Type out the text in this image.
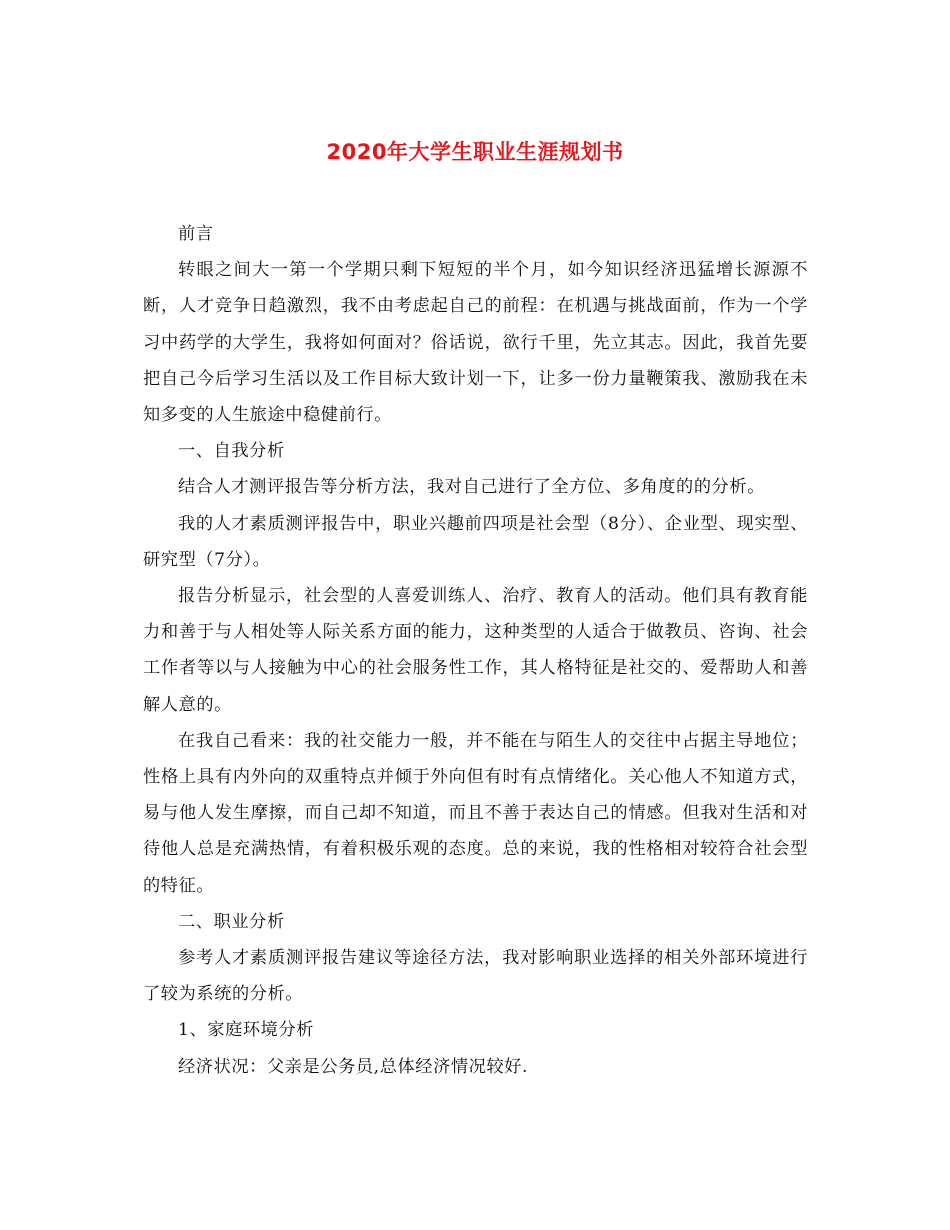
2020年大学生职业生涯规划书

前言

转眼之间大一第一个学期只剩下短短的半个月，如今知识经济迅猛增长源源不断，人才竞争日趋激烈，我不由考虑起自己的前程：在机遇与挑战面前，作为一个学习中药学的大学生，我将如何面对？俗话说，欲行千里，先立其志。因此，我首先要把自己今后学习生活以及工作目标大致计划一下，让多一份力量鞭策我、激励我在未知多变的人生旅途中稳健前行。

一、自我分析

结合人才测评报告等分析方法，我对自己进行了全方位、多角度的的分析。

我的人才素质测评报告中，职业兴趣前四项是社会型（8分）、企业型、现实型、研究型（7分）。

报告分析显示，社会型的人喜爱训练人、治疗、教育人的活动。他们具有教育能力和善于与人相处等人际关系方面的能力，这种类型的人适合于做教员、咨询、社会工作者等以与人接触为中心的社会服务性工作，其人格特征是社交的、爱帮助人和善解人意的。

在我自己看来：我的社交能力一般，并不能在与陌生人的交往中占据主导地位；性格上具有内外向的双重特点并倾于外向但有时有点情绪化。关心他人不知道方式，易与他人发生摩擦，而自己却不知道，而且不善于表达自己的情感。但我对生活和对待他人总是充满热情，有着积极乐观的态度。总的来说，我的性格相对较符合社会型的特征。

二、职业分析

参考人才素质测评报告建议等途径方法，我对影响职业选择的相关外部环境进行了较为系统的分析。

1、家庭环境分析

经济状况：父亲是公务员,总体经济情况较好.
